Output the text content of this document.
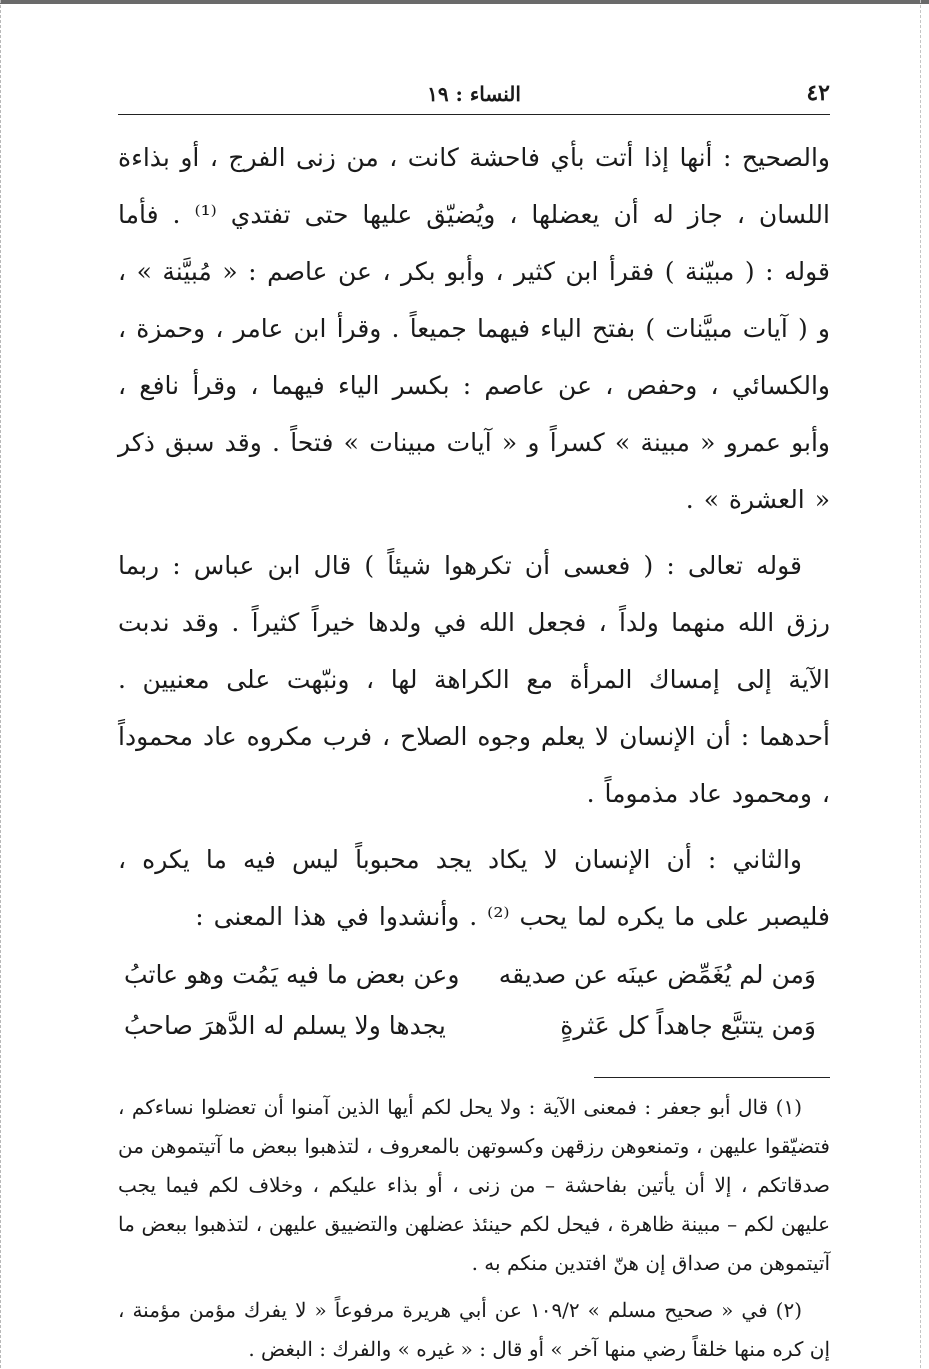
٤٢
النساء : ١٩

والصحيح : أنها إذا أتت بأي فاحشة كانت ، من زنى الفرج ، أو بذاءة اللسان ، جاز له أن يعضلها ، ويُضيّق عليها حتى تفتدي ⁽¹⁾ . فأما قوله : ( مبيّنة ) فقرأ ابن كثير ، وأبو بكر ، عن عاصم : « مُبيَّنة » ، و ( آيات مبيَّنات ) بفتح الياء فيهما جميعاً . وقرأ ابن عامر ، وحمزة ، والكسائي ، وحفص ، عن عاصم : بكسر الياء فيهما ، وقرأ نافع ، وأبو عمرو « مبينة » كسراً و « آيات مبينات » فتحاً . وقد سبق ذكر « العشرة » .

قوله تعالى : ( فعسى أن تكرهوا شيئاً ) قال ابن عباس : ربما رزق الله منهما ولداً ، فجعل الله في ولدها خيراً كثيراً . وقد ندبت الآية إلى إمساك المرأة مع الكراهة لها ، ونبّهت على معنيين . أحدهما : أن الإنسان لا يعلم وجوه الصلاح ، فرب مكروه عاد محموداً ، ومحمود عاد مذموماً .

والثاني : أن الإنسان لا يكاد يجد محبوباً ليس فيه ما يكره ، فليصبر على ما يكره لما يحب ⁽²⁾ . وأنشدوا في هذا المعنى :

وَمن لم يُغَمِّض عينَه عن صديقه
وعن بعض ما فيه يَمُت وهو عاتبُ
وَمن يتتبَّع جاهداً كل عَثرةٍ
يجدها ولا يسلم له الدَّهرَ صاحبُ

(١) قال أبو جعفر : فمعنى الآية : ولا يحل لكم أيها الذين آمنوا أن تعضلوا نساءكم ، فتضيّقوا عليهن ، وتمنعوهن رزقهن وكسوتهن بالمعروف ، لتذهبوا ببعض ما آتيتموهن من صدقاتكم ، إلا أن يأتين بفاحشة – من زنى ، أو بذاء عليكم ، وخلاف لكم فيما يجب عليهن لكم – مبينة ظاهرة ، فيحل لكم حينئذ عضلهن والتضييق عليهن ، لتذهبوا ببعض ما آتيتموهن من صداق إن هنّ افتدين منكم به .

(٢) في « صحيح مسلم » ١٠٩/٢ عن أبي هريرة مرفوعاً « لا يفرك مؤمن مؤمنة ، إن كره منها خلقاً رضي منها آخر » أو قال : « غيره » والفرك : البغض .
